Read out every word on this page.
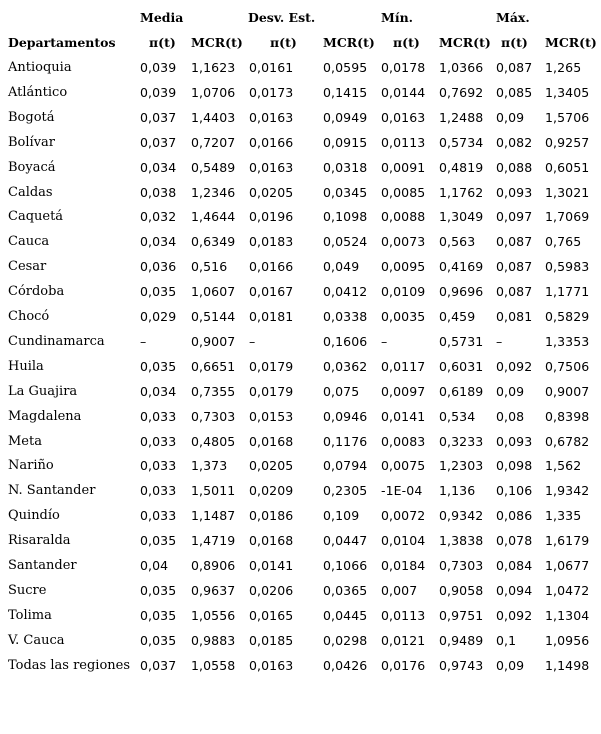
Media	Desv. Est.	Mín.	Máx.
Departamentos	π(t) MCR(t) π(t) MCR(t) π(t) MCR(t) π(t) MCR(t)
Antioquia	0,039 1,1623 0,0161 0,0595 0,0178 1,0366 0,087 1,265
Atlántico	0,039 1,0706 0,0173 0,1415 0,0144 0,7692 0,085 1,3405
Bogotá	0,037 1,4403 0,0163 0,0949 0,0163 1,2488 0,09 1,5706
Bolívar	0,037 0,7207 0,0166 0,0915 0,0113 0,5734 0,082 0,9257
Boyacá	0,034 0,5489 0,0163 0,0318 0,0091 0,4819 0,088 0,6051
Caldas	0,038 1,2346 0,0205 0,0345 0,0085 1,1762 0,093 1,3021
Caquetá	0,032 1,4644 0,0196 0,1098 0,0088 1,3049 0,097 1,7069
Cauca	0,034 0,6349 0,0183 0,0524 0,0073 0,563 0,087 0,765
Cesar	0,036 0,516 0,0166 0,049 0,0095 0,4169 0,087 0,5983
Córdoba	0,035 1,0607 0,0167 0,0412 0,0109 0,9696 0,087 1,1771
Chocó	0,029 0,5144 0,0181 0,0338 0,0035 0,459 0,081 0,5829
Cundinamarca	–	0,9007 –	0,1606 –	0,5731 –	1,3353
Huila	0,035 0,6651 0,0179 0,0362 0,0117 0,6031 0,092 0,7506
La Guajira	0,034 0,7355 0,0179 0,075 0,0097 0,6189 0,09 0,9007
Magdalena	0,033 0,7303 0,0153 0,0946 0,0141 0,534 0,08 0,8398
Meta	0,033 0,4805 0,0168 0,1176 0,0083 0,3233 0,093 0,6782
Nariño	0,033 1,373 0,0205 0,0794 0,0075 1,2303 0,098 1,562
N. Santander	0,033 1,5011 0,0209 0,2305 -1E-04 1,136 0,106 1,9342
Quindío	0,033 1,1487 0,0186 0,109 0,0072 0,9342 0,086 1,335
Risaralda	0,035 1,4719 0,0168 0,0447 0,0104 1,3838 0,078 1,6179
Santander	0,04 0,8906 0,0141 0,1066 0,0184 0,7303 0,084 1,0677
Sucre	0,035 0,9637 0,0206 0,0365 0,007 0,9058 0,094 1,0472
Tolima	0,035 1,0556 0,0165 0,0445 0,0113 0,9751 0,092 1,1304
V. Cauca	0,035 0,9883 0,0185 0,0298 0,0121 0,9489 0,1 1,0956
Todas las regiones 0,037 1,0558 0,0163 0,0426 0,0176 0,9743 0,09 1,1498
